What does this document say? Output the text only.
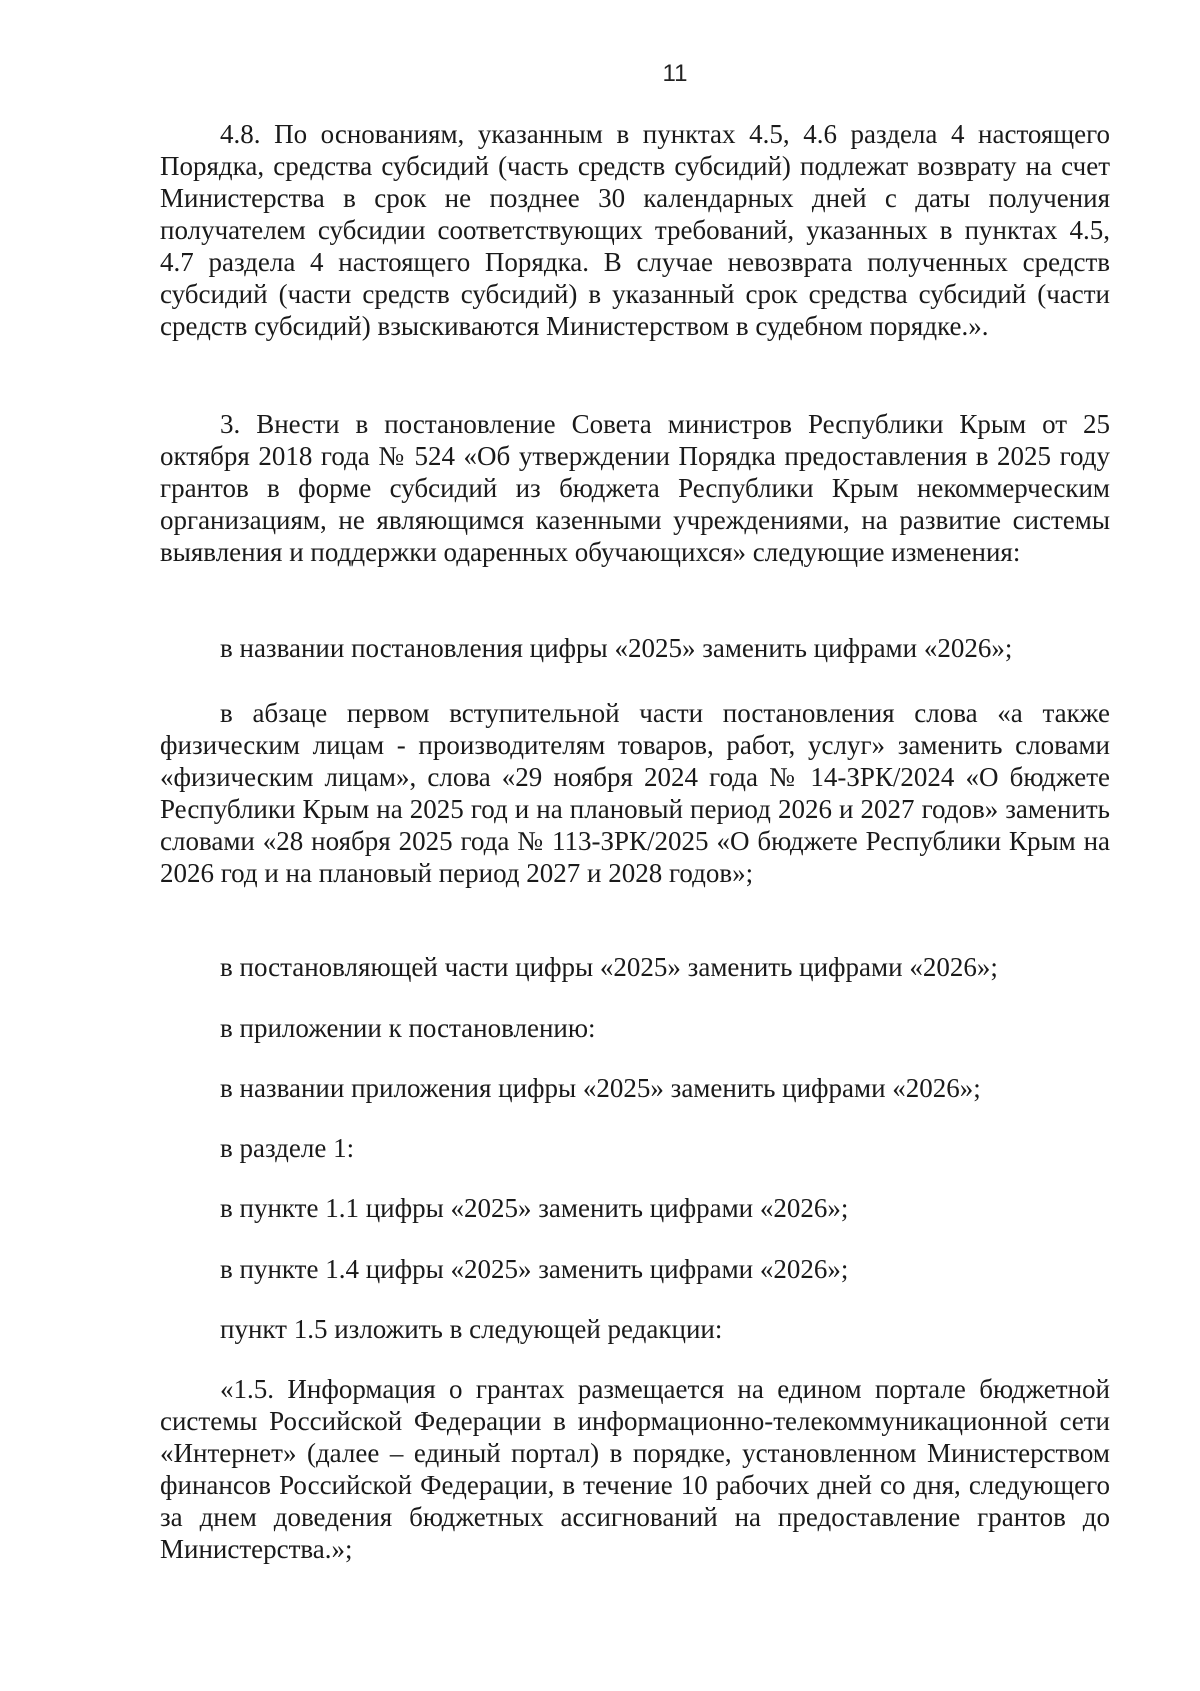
11
4.8. По основаниям, указанным в пунктах 4.5, 4.6 раздела 4 настоящего Порядка, средства субсидий (часть средств субсидий) подлежат возврату на счет Министерства в срок не позднее 30 календарных дней с даты получения получателем субсидии соответствующих требований, указанных в пунктах 4.5, 4.7 раздела 4 настоящего Порядка. В случае невозврата полученных средств субсидий (части средств субсидий) в указанный срок средства субсидий (части средств субсидий) взыскиваются Министерством в судебном порядке.».
3. Внести в постановление Совета министров Республики Крым от 25 октября 2018 года № 524 «Об утверждении Порядка предоставления в 2025 году грантов в форме субсидий из бюджета Республики Крым некоммерческим организациям, не являющимся казенными учреждениями, на развитие системы выявления и поддержки одаренных обучающихся» следующие изменения:
в названии постановления цифры «2025» заменить цифрами «2026»;
в абзаце первом вступительной части постановления слова «а также физическим лицам - производителям товаров, работ, услуг» заменить словами «физическим лицам», слова «29 ноября 2024 года № 14-ЗРК/2024 «О бюджете Республики Крым на 2025 год и на плановый период 2026 и 2027 годов» заменить словами «28 ноября 2025 года № 113-ЗРК/2025 «О бюджете Республики Крым на 2026 год и на плановый период 2027 и 2028 годов»;
в постановляющей части цифры «2025» заменить цифрами «2026»;
в приложении к постановлению:
в названии приложения цифры «2025» заменить цифрами «2026»;
в разделе 1:
в пункте 1.1 цифры «2025» заменить цифрами «2026»;
в пункте 1.4 цифры «2025» заменить цифрами «2026»;
пункт 1.5 изложить в следующей редакции:
«1.5. Информация о грантах размещается на едином портале бюджетной системы Российской Федерации в информационно-телекоммуникационной сети «Интернет» (далее – единый портал) в порядке, установленном Министерством финансов Российской Федерации, в течение 10 рабочих дней со дня, следующего за днем доведения бюджетных ассигнований на предоставление грантов до Министерства.»;
